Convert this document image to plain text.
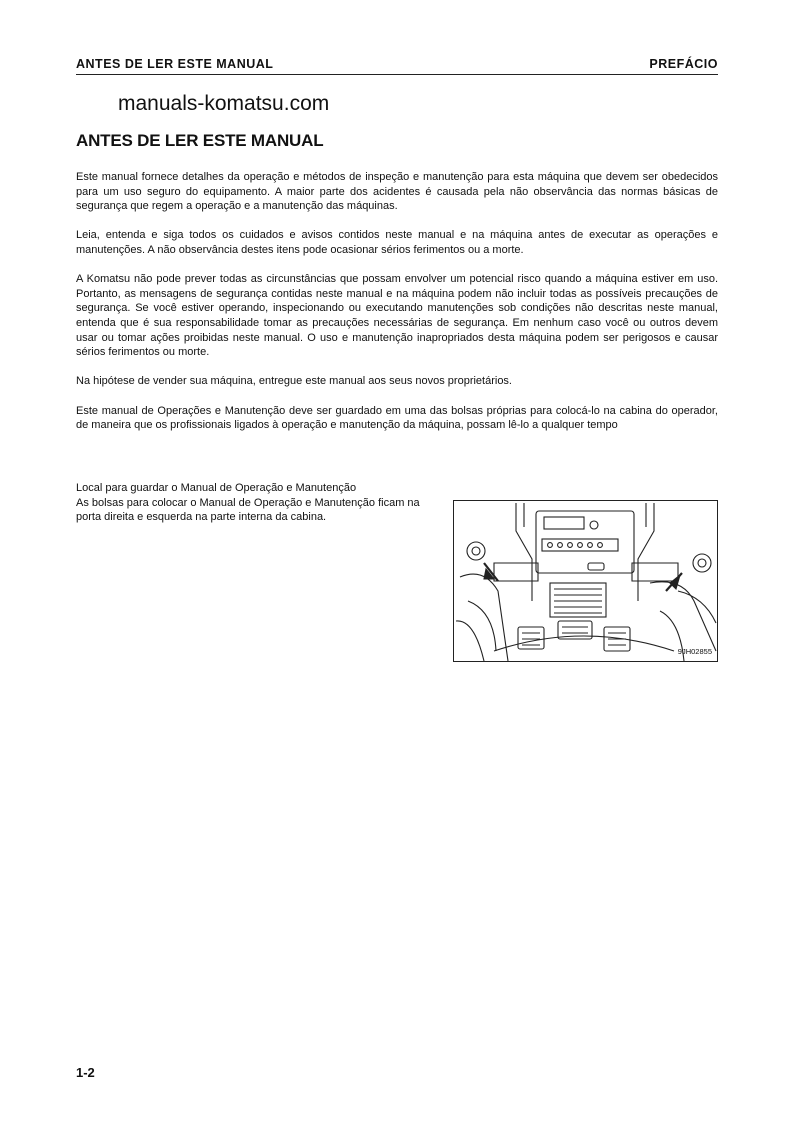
ANTES DE LER ESTE MANUAL	PREFÁCIO
manuals-komatsu.com
ANTES DE LER ESTE MANUAL

Este manual fornece detalhes da operação e métodos de inspeção e manutenção para esta máquina que devem ser obedecidos para um uso seguro do equipamento. A maior parte dos acidentes é causada pela não observância das normas básicas de segurança que regem a operação e a manutenção das máquinas.

Leia, entenda e siga todos os cuidados e avisos contidos neste manual e na máquina antes de executar as operações e manutenções. A não observância destes itens pode ocasionar sérios ferimentos ou a morte.

A Komatsu não pode prever todas as circunstâncias que possam envolver um potencial risco quando a máquina estiver em uso. Portanto, as mensagens de segurança contidas neste manual e na máquina podem não incluir todas as possíveis precauções de segurança. Se você estiver operando, inspecionando ou executando manutenções sob condições não descritas neste manual, entenda que é sua responsabilidade tomar as precauções necessárias de segurança. Em nenhum caso você ou outros devem usar ou tomar ações proibidas neste manual. O uso e manutenção inapropriados desta máquina podem ser perigosos e causar sérios ferimentos ou morte.

Na hipótese de vender sua máquina, entregue este manual aos seus novos proprietários.

Este manual de Operações e Manutenção deve ser guardado em uma das bolsas próprias para colocá-lo na cabina do operador, de maneira que os profissionais ligados à operação e manutenção da máquina, possam lê-lo a qualquer tempo

Local para guardar o Manual de Operação e Manutenção

As bolsas para colocar o Manual de Operação e Manutenção ficam na porta direita e esquerda na parte interna da cabina.

9JH02855
1-2
